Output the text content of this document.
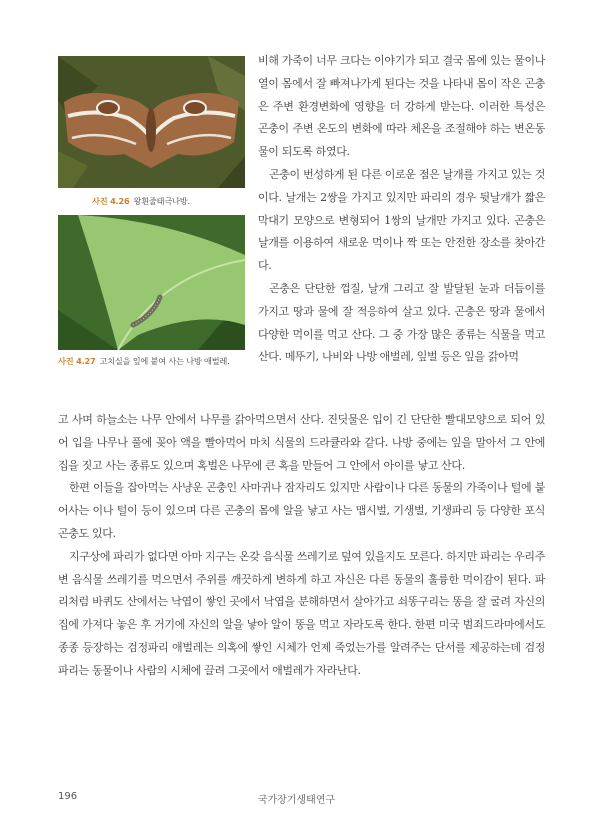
사진 4.26 왕흰줄태극나방.
사진 4.27 고치실을 잎에 붙여 사는 나방 애벌레.

비해 가죽이 너무 크다는 이야기가 되고 결국 몸에 있는 물이나 열이 몸에서 잘 빠져나가게 된다는 것을 나타내 몸이 작은 곤충은 주변 환경변화에 영향을 더 강하게 받는다. 이러한 특성은 곤충이 주변 온도의 변화에 따라 체온을 조절해야 하는 변온동물이 되도록 하였다.

곤충이 번성하게 된 다른 이로운 점은 날개를 가지고 있는 것이다. 날개는 2쌍을 가지고 있지만 파리의 경우 뒷날개가 짧은 막대기 모양으로 변형되어 1쌍의 날개만 가지고 있다. 곤충은 날개를 이용하여 새로운 먹이나 짝 또는 안전한 장소를 찾아간다.

곤충은 단단한 껍질, 날개 그리고 잘 발달된 눈과 더듬이를 가지고 땅과 물에 잘 적응하여 살고 있다. 곤충은 땅과 물에서 다양한 먹이를 먹고 산다. 그 중 가장 많은 종류는 식물을 먹고 산다. 메뚜기, 나비와 나방 애벌레, 잎벌 등은 잎을 갉아먹

고 사며 하늘소는 나무 안에서 나무를 갉아먹으면서 산다. 진딧물은 입이 긴 단단한 빨대모양으로 되어 있어 입을 나무나 풀에 꽂아 액을 빨아먹어 마치 식물의 드라큘라와 같다. 나방 중에는 잎을 말아서 그 안에 집을 짓고 사는 종류도 있으며 혹벌은 나무에 큰 혹을 만들어 그 안에서 아이를 낳고 산다.

한편 이들을 잡아먹는 사냥운 곤충인 사마귀나 잠자리도 있지만 사람이나 다른 동물의 가죽이나 털에 붙어사는 이나 털이 등이 있으며 다른 곤충의 몸에 알을 낳고 사는 맵시벌, 기생벌, 기생파리 등 다양한 포식곤충도 있다.

지구상에 파리가 없다면 아마 지구는 온갖 음식물 쓰레기로 덮여 있을지도 모른다. 하지만 파리는 우리주변 음식물 쓰레기를 먹으면서 주위를 깨끗하게 변하게 하고 자신은 다른 동물의 훌륭한 먹이감이 된다. 파리처럼 바퀴도 산에서는 낙엽이 쌓인 곳에서 낙엽을 분해하면서 살아가고 쇠똥구리는 똥을 잘 굴려 자신의 집에 가져다 놓은 후 거기에 자신의 알을 낳아 알이 똥을 먹고 자라도록 한다. 한편 미국 범죄드라마에서도 종종 등장하는 검정파리 애벌레는 의혹에 쌓인 시체가 언제 죽었는가를 알려주는 단서를 제공하는데 검정파리는 동물이나 사람의 시체에 끌려 그곳에서 애벌레가 자라난다.

196	국가장기생태연구
